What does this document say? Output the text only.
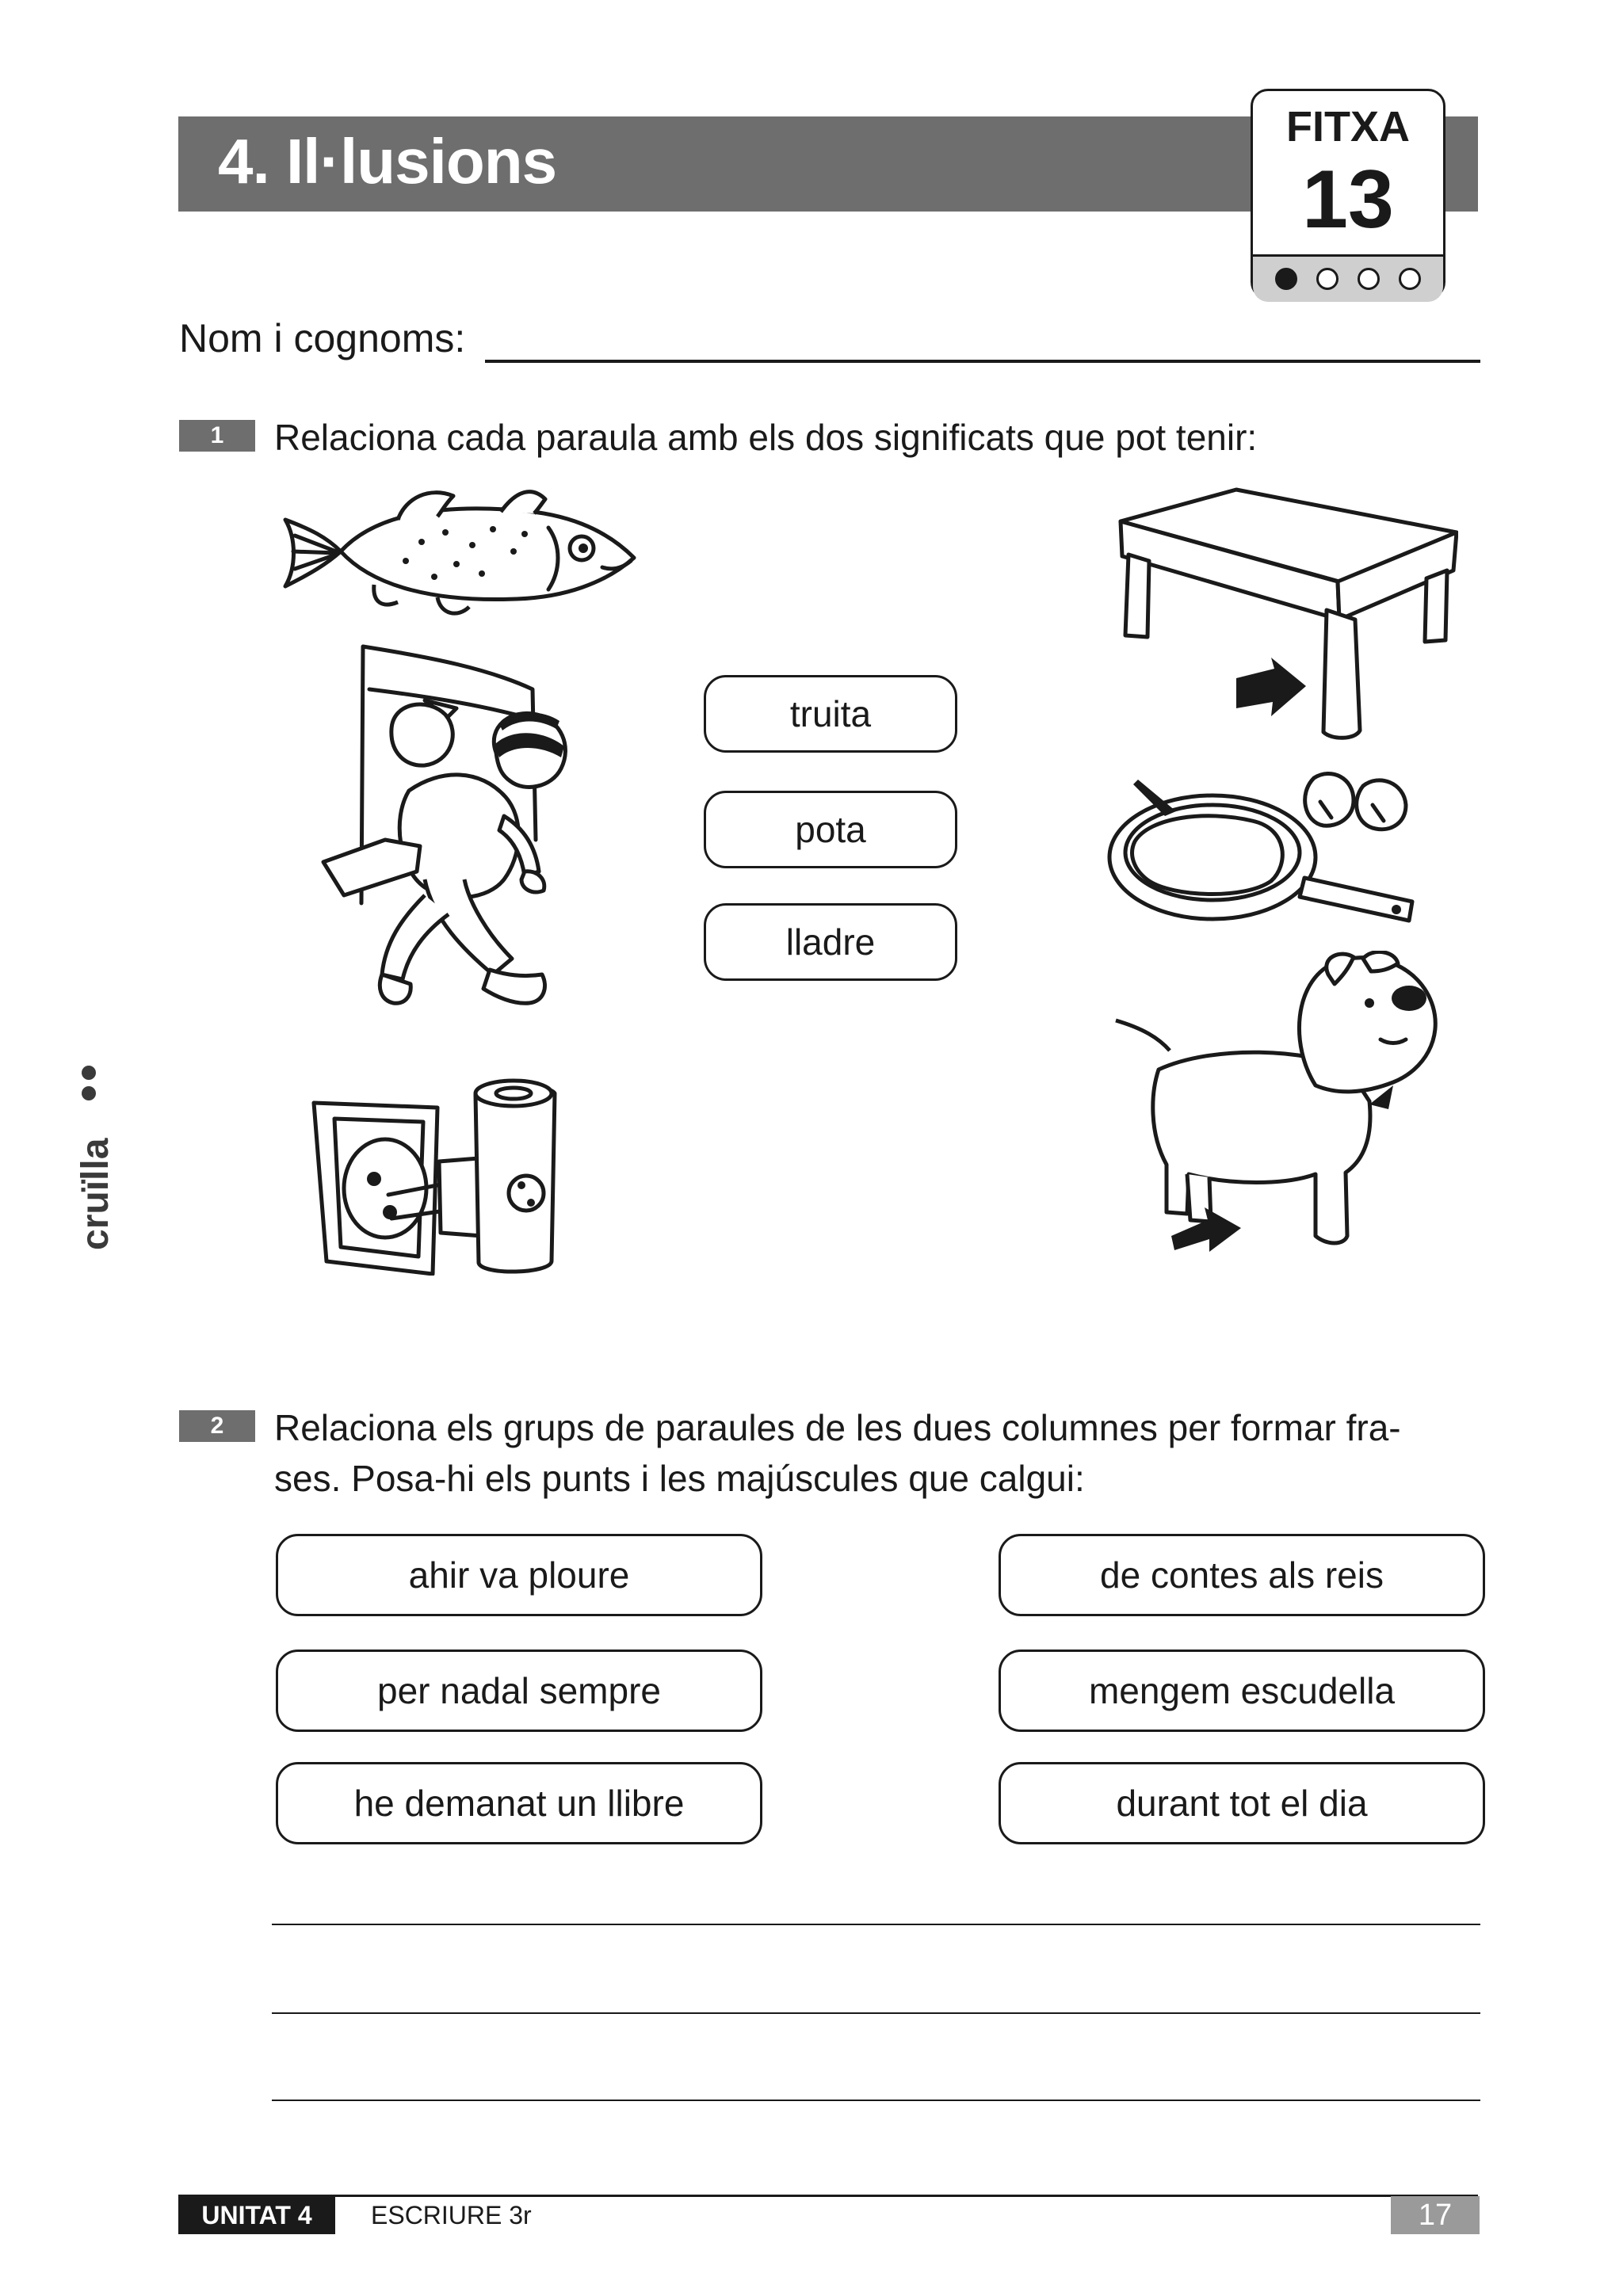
4. Il·lusions	FITXA
13
Nom i cognoms:
1	Relaciona cada paraula amb els dos significats que pot tenir:
truita
pota
lladre
cruïlla
2	Relaciona els grups de paraules de les dues columnes per formar fra-
ses. Posa-hi els punts i les majúscules que calgui:
ahir va ploure
per nadal sempre
he demanat un llibre
de contes als reis
mengem escudella
durant tot el dia
UNITAT 4	ESCRIURE 3r	17
